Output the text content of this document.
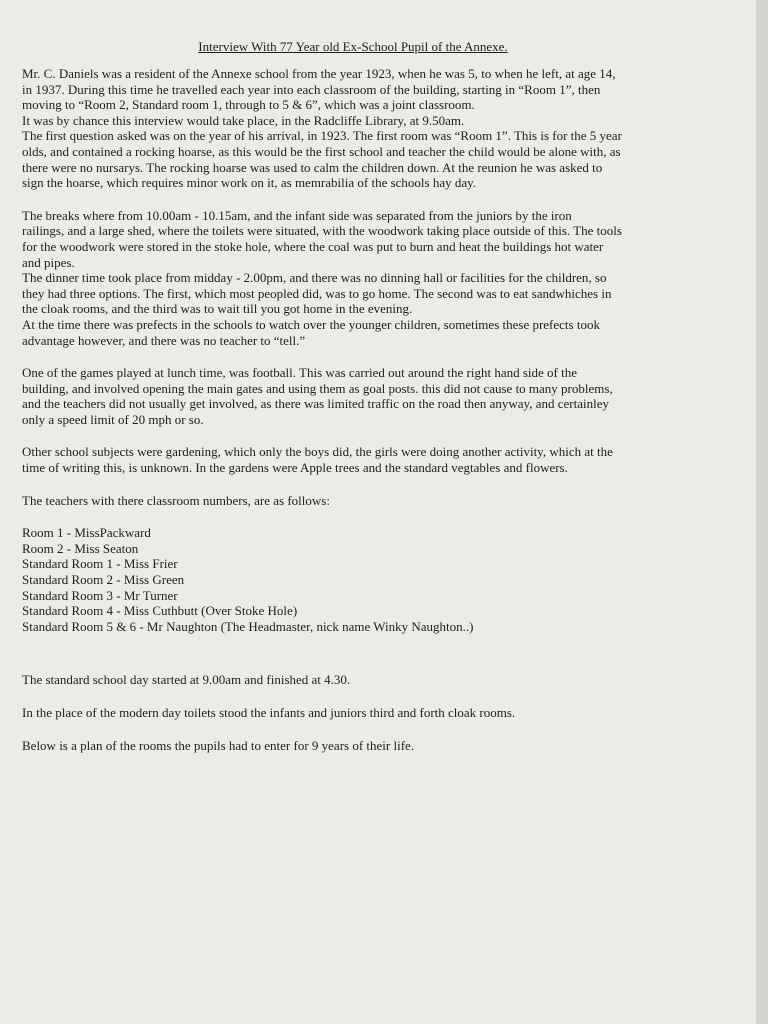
Interview With 77 Year old Ex-School Pupil of the Annexe.

Mr. C. Daniels was a resident of the Annexe school from the year 1923, when he was 5, to when he left, at age 14,

in 1937. During this time he travelled each year into each classroom of the building, starting in “Room 1”, then

moving to “Room 2, Standard room 1, through to 5 & 6”, which was a joint classroom.

It was by chance this interview would take place, in the Radcliffe Library, at 9.50am.

The first question asked was on the year of his arrival, in 1923. The first room was “Room 1”. This is for the 5 year

olds, and contained a rocking hoarse, as this would be the first school and teacher the child would be alone with, as

there were no nursarys. The rocking hoarse was used to calm the children down. At the reunion he was asked to

sign the hoarse, which requires minor work on it, as memrabilia of the schools hay day.

The breaks where from 10.00am - 10.15am, and the infant side was separated from the juniors by the iron

railings, and a large shed, where the toilets were situated, with the woodwork taking place outside of this. The tools

for the woodwork were stored in the stoke hole, where the coal was put to burn and heat the buildings hot water

and pipes.

The dinner time took place from midday - 2.00pm, and there was no dinning hall or facilities for the children, so

they had three options. The first, which most peopled did, was to go home. The second was to eat sandwhiches in

the cloak rooms, and the third was to wait till you got home in the evening.

At the time there was prefects in the schools to watch over the younger children, sometimes these prefects took

advantage however, and there was no teacher to “tell.”

One of the games played at lunch time, was football. This was carried out around the right hand side of the

building, and involved opening the main gates and using them as goal posts. this did not cause to many problems,

and the teachers did not usually get involved, as there was limited traffic on the road then anyway, and certainley

only a speed limit of 20 mph or so.

Other school subjects were gardening, which only the boys did, the girls were doing another activity, which at the

time of writing this, is unknown. In the gardens were Apple trees and the standard vegtables and flowers.

The teachers with there classroom numbers, are as follows:

Room 1 - MissPackward

Room 2 - Miss Seaton

Standard Room 1 - Miss Frier

Standard Room 2 - Miss Green

Standard Room 3 - Mr Turner

Standard Room 4 - Miss Cuthbutt (Over Stoke Hole)

Standard Room 5 & 6 - Mr Naughton (The Headmaster, nick name Winky Naughton..)

The standard school day started at 9.00am and finished at 4.30.

In the place of the modern day toilets stood the infants and juniors third and forth cloak rooms.

Below is a plan of the rooms the pupils had to enter for 9 years of their life.
